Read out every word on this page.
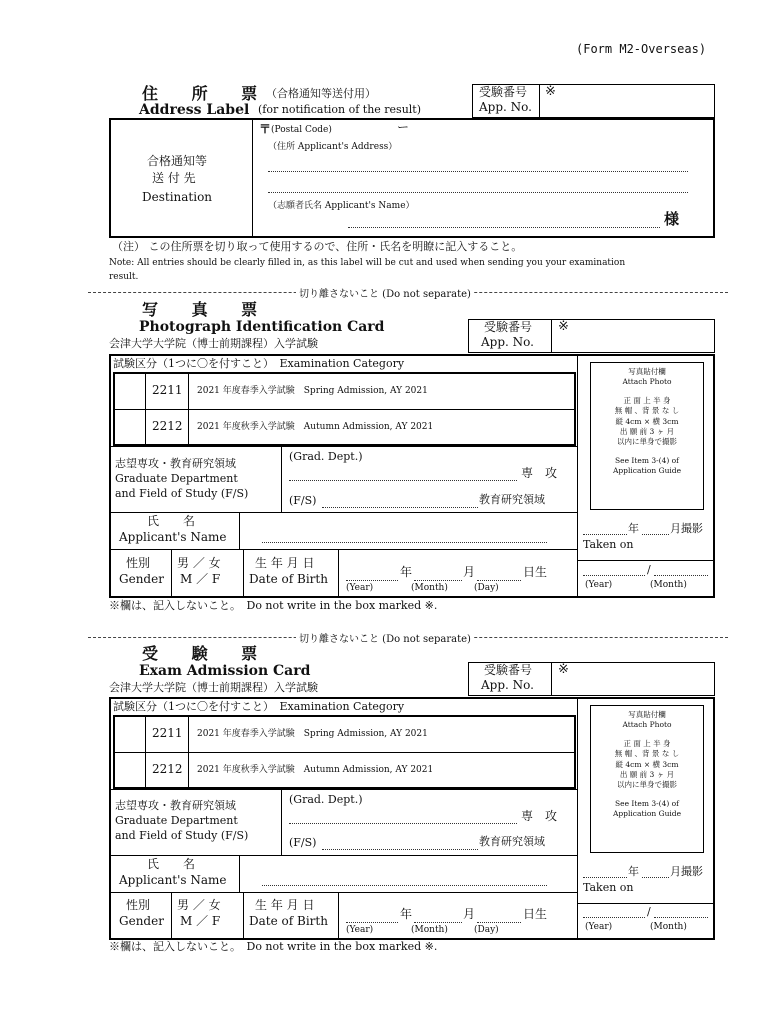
(Form M2-Overseas)
住 所 票
（合格通知等送付用）
Address Label (for notification of the result)
受験番号
App. No.
※
合格通知等
送 付 先
Destination
〒 (Postal Code)	ー
（住所 Applicant's Address）
（志願者氏名 Applicant's Name）
様
（注） この住所票を切り取って使用するので、住所・氏名を明瞭に記入すること。
Note: All entries should be clearly filled in, as this label will be cut and used when sending you your examination
result.
切り離さないこと (Do not separate)
写 真 票
Photograph Identification Card
会津大学大学院（博士前期課程）入学試験
受験番号
App. No.
※
試験区分（1つに〇を付すこと）　Examination Category
2211 2021 年度春季入学試験　Spring Admission, AY 2021
2212 2021 年度秋季入学試験　Autumn Admission, AY 2021
志望専攻・教育研究領域
Graduate Department
and Field of Study (F/S)
(Grad. Dept.)
専　攻
(F/S)	教育研究領域
氏　　名
Applicant's Name
性別
Gender
男 ／ 女
M ／ F
生 年 月 日
Date of Birth	年	月	日生
(Year)	(Month)	(Day)
写真貼付欄
Attach Photo
正 面 上 半 身
無 帽 、背 景 な し
縦 4cm × 横 3cm
出 願 前 3 ヶ 月
以内に単身で撮影
See Item 3-(4) of
Application Guide
年	月撮影
Taken on
/
(Year)	(Month)
※欄は、記入しないこと。　Do not write in the box marked ※.
切り離さないこと (Do not separate)
受 験 票
Exam Admission Card
会津大学大学院（博士前期課程）入学試験
受験番号
App. No.
※
試験区分（1つに〇を付すこと）　Examination Category
2211 2021 年度春季入学試験　Spring Admission, AY 2021
2212 2021 年度秋季入学試験　Autumn Admission, AY 2021
志望専攻・教育研究領域
Graduate Department
and Field of Study (F/S)
(Grad. Dept.)
専　攻
(F/S)	教育研究領域
氏　　名
Applicant's Name
性別
Gender
男 ／ 女
M ／ F
生 年 月 日
Date of Birth	年	月	日生
(Year)	(Month)	(Day)
写真貼付欄
Attach Photo
正 面 上 半 身
無 帽 、背 景 な し
縦 4cm × 横 3cm
出 願 前 3 ヶ 月
以内に単身で撮影
See Item 3-(4) of
Application Guide
年	月撮影
Taken on
/
(Year)	(Month)
※欄は、記入しないこと。　Do not write in the box marked ※.
